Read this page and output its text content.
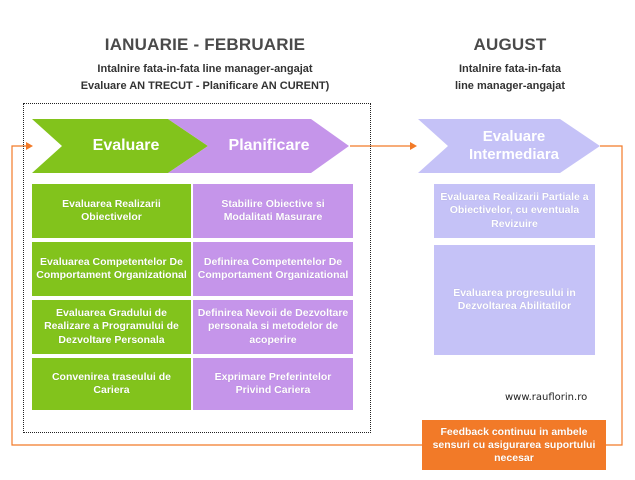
IANUARIE - FEBRUARIE
Intalnire fata-in-fata line manager-angajat
Evaluare AN TRECUT - Planificare AN CURENT)
AUGUST
Intalnire fata-in-fata
line manager-angajat
Evaluare	Planificare
Evaluare Intermediara
Evaluarea Realizarii Obiectivelor
Evaluarea Competentelor De Comportament Organizational
Evaluarea Gradului de Realizare a Programului de Dezvoltare Personala
Convenirea traseului de Cariera
Stabilire Obiective si Modalitati Masurare
Definirea Competentelor De Comportament Organizational
Definirea Nevoii de Dezvoltare personala si metodelor de acoperire
Exprimare Preferintelor Privind Cariera
Evaluarea Realizarii Partiale a Obiectivelor, cu eventuala Revizuire
Evaluarea progresului in Dezvoltarea Abilitatilor
www.rauflorin.ro
Feedback continuu in ambele sensuri cu asigurarea suportului necesar
